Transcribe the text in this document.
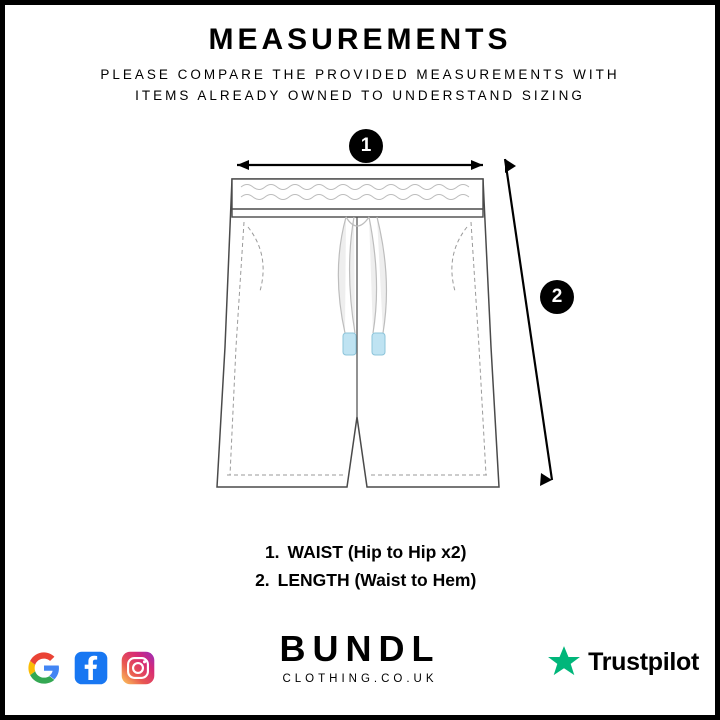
MEASUREMENTS
PLEASE COMPARE THE PROVIDED MEASUREMENTS WITH
ITEMS ALREADY OWNED TO UNDERSTAND SIZING
1
2
1. WAIST (Hip to Hip x2)
2. LENGTH (Waist to Hem)
BUNDL
CLOTHING.CO.UK
Trustpilot
